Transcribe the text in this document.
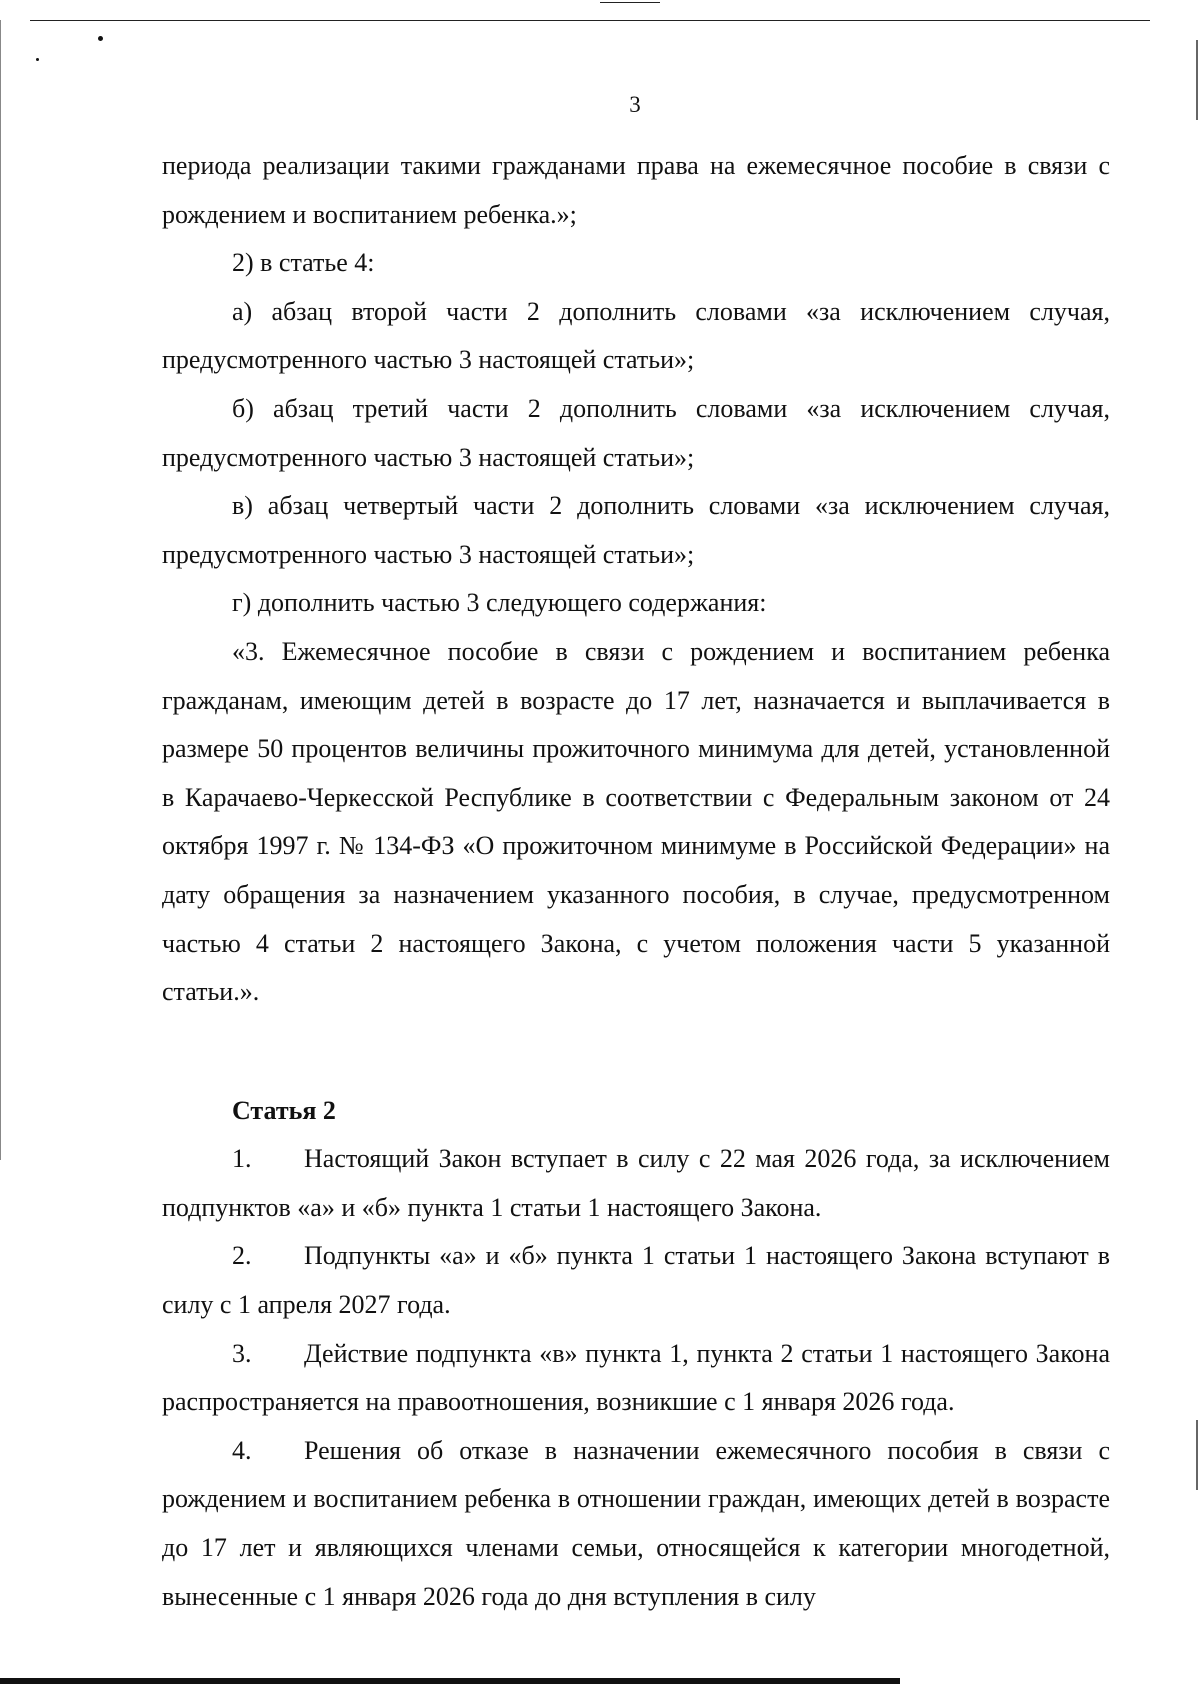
3

периода реализации такими гражданами права на ежемесячное пособие в связи с рождением и воспитанием ребенка.»;

2) в статье 4:

а) абзац второй части 2 дополнить словами «за исключением случая, предусмотренного частью 3 настоящей статьи»;

б) абзац третий части 2 дополнить словами «за исключением случая, предусмотренного частью 3 настоящей статьи»;

в) абзац четвертый части 2 дополнить словами «за исключением случая, предусмотренного частью 3 настоящей статьи»;

г) дополнить частью 3 следующего содержания:

«3. Ежемесячное пособие в связи с рождением и воспитанием ребенка гражданам, имеющим детей в возрасте до 17 лет, назначается и выплачивается в размере 50 процентов величины прожиточного минимума для детей, установленной в Карачаево-Черкесской Республике в соответствии с Федеральным законом от 24 октября 1997 г. № 134-ФЗ «О прожиточном минимуме в Российской Федерации» на дату обращения за назначением указанного пособия, в случае, предусмотренном частью 4 статьи 2 настоящего Закона, с учетом положения части 5 указанной статьи.».

Статья 2

1. Настоящий Закон вступает в силу с 22 мая 2026 года, за исключением подпунктов «а» и «б» пункта 1 статьи 1 настоящего Закона.

2. Подпункты «а» и «б» пункта 1 статьи 1 настоящего Закона вступают в силу с 1 апреля 2027 года.

3. Действие подпункта «в» пункта 1, пункта 2 статьи 1 настоящего Закона распространяется на правоотношения, возникшие с 1 января 2026 года.

4. Решения об отказе в назначении ежемесячного пособия в связи с рождением и воспитанием ребенка в отношении граждан, имеющих детей в возрасте до 17 лет и являющихся членами семьи, относящейся к категории многодетной, вынесенные с 1 января 2026 года до дня вступления в силу
